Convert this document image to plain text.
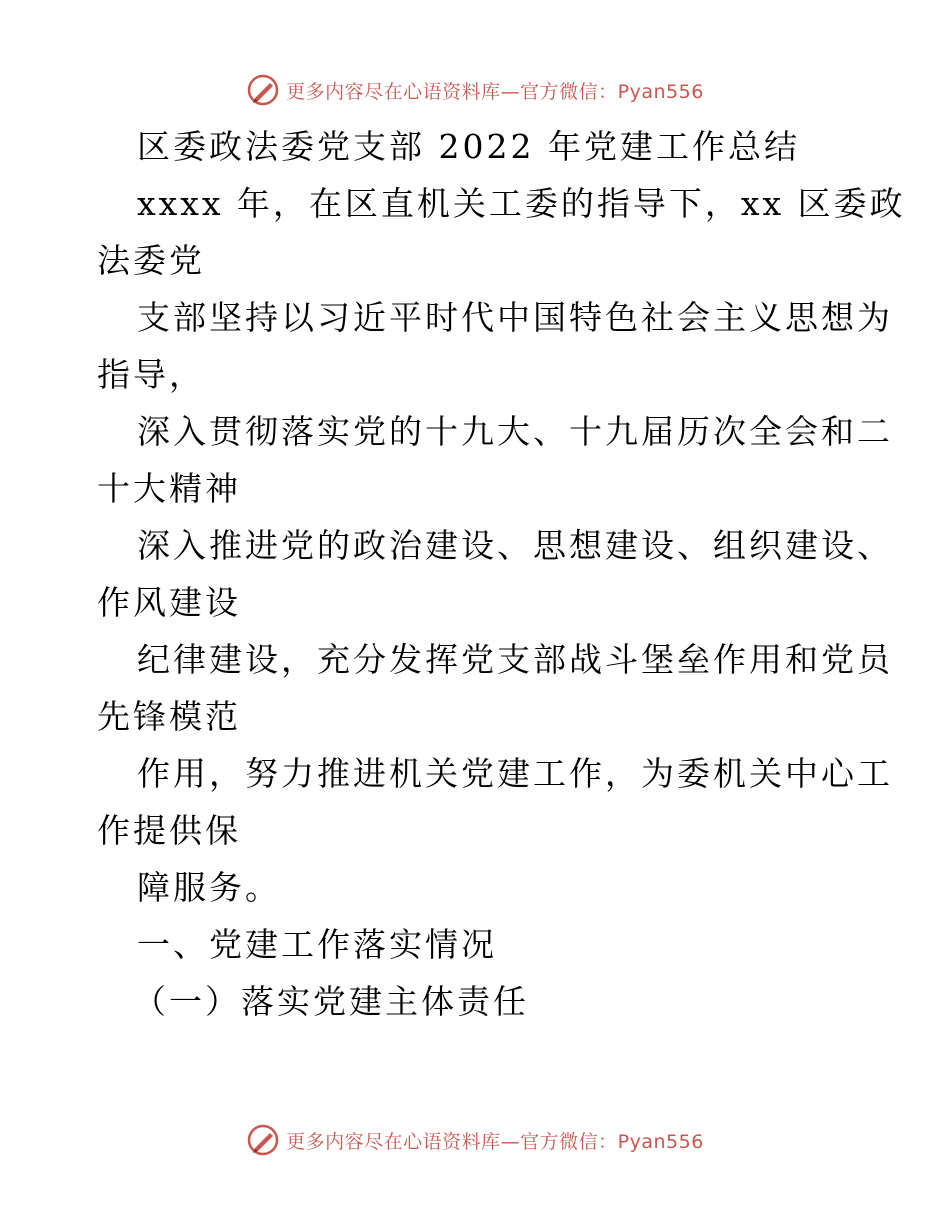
更多内容尽在心语资料库—官方微信：Pyan556
区委政法委党支部 2022 年党建工作总结
xxxx 年，在区直机关工委的指导下，xx 区委政
法委党
支部坚持以习近平时代中国特色社会主义思想为
指导，
深入贯彻落实党的十九大、十九届历次全会和二
十大精神
深入推进党的政治建设、思想建设、组织建设、
作风建设
纪律建设，充分发挥党支部战斗堡垒作用和党员
先锋模范
作用，努力推进机关党建工作，为委机关中心工
作提供保
障服务。
一、党建工作落实情况
（一）落实党建主体责任
更多内容尽在心语资料库—官方微信：Pyan556
